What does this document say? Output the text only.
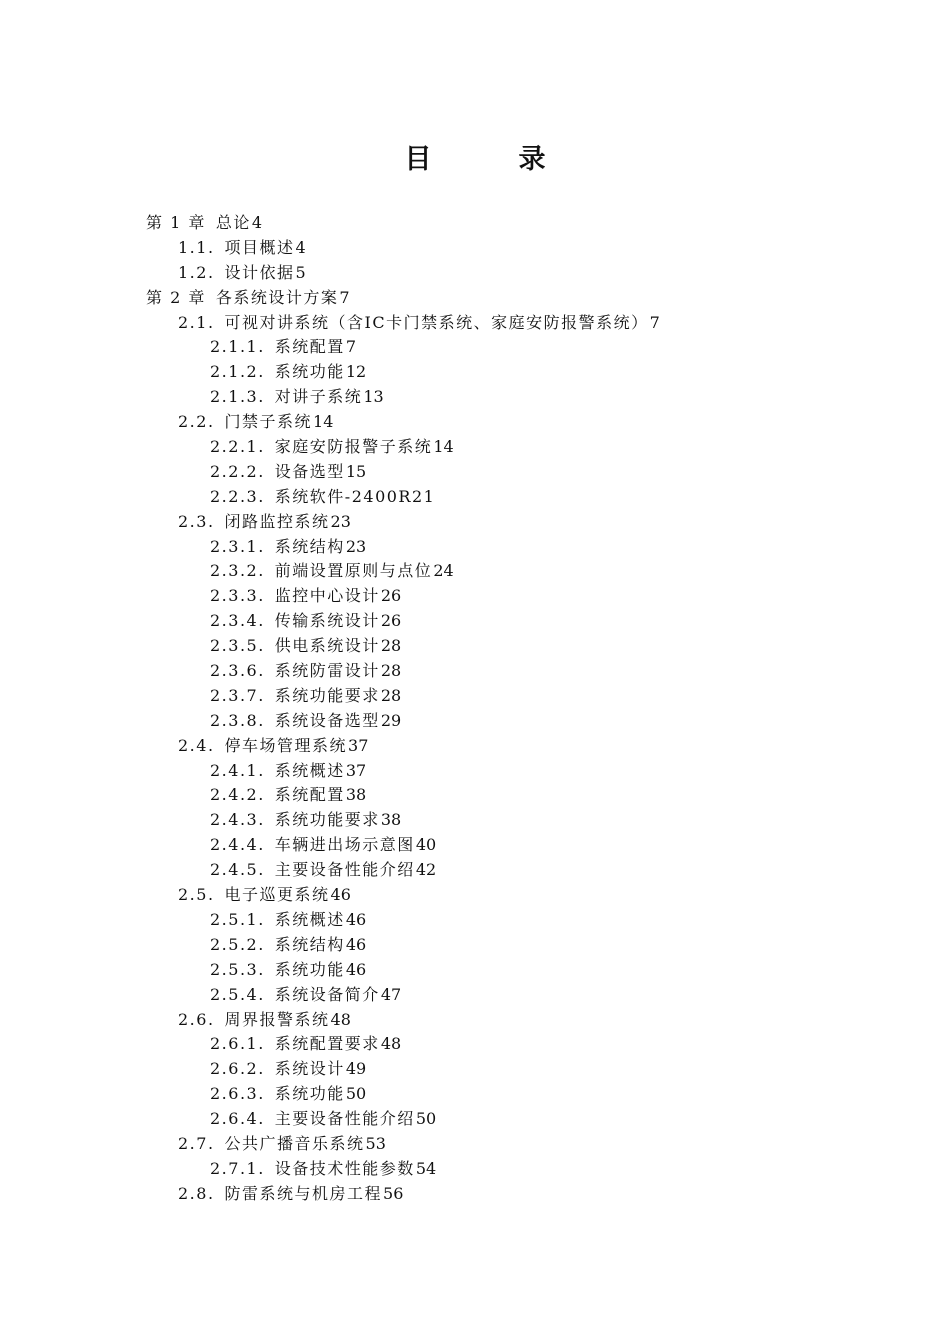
目　录
第 1 章 总论4
1.1. 项目概述4
1.2. 设计依据5
第 2 章 各系统设计方案7
2.1. 可视对讲系统（含IC卡门禁系统、家庭安防报警系统）7
2.1.1. 系统配置7
2.1.2. 系统功能12
2.1.3. 对讲子系统13
2.2. 门禁子系统14
2.2.1. 家庭安防报警子系统14
2.2.2. 设备选型15
2.2.3. 系统软件-2400R21
2.3. 闭路监控系统23
2.3.1. 系统结构23
2.3.2. 前端设置原则与点位24
2.3.3. 监控中心设计26
2.3.4. 传输系统设计26
2.3.5. 供电系统设计28
2.3.6. 系统防雷设计28
2.3.7. 系统功能要求28
2.3.8. 系统设备选型29
2.4. 停车场管理系统37
2.4.1. 系统概述37
2.4.2. 系统配置38
2.4.3. 系统功能要求38
2.4.4. 车辆进出场示意图40
2.4.5. 主要设备性能介绍42
2.5. 电子巡更系统46
2.5.1. 系统概述46
2.5.2. 系统结构46
2.5.3. 系统功能46
2.5.4. 系统设备简介47
2.6. 周界报警系统48
2.6.1. 系统配置要求48
2.6.2. 系统设计49
2.6.3. 系统功能50
2.6.4. 主要设备性能介绍50
2.7. 公共广播音乐系统53
2.7.1. 设备技术性能参数54
2.8. 防雷系统与机房工程56
